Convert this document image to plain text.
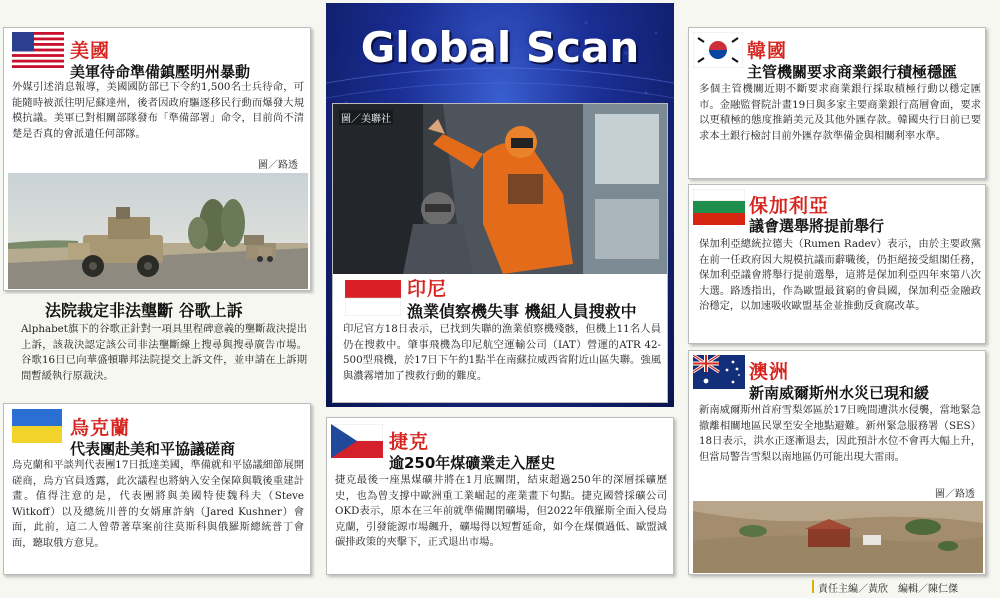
美國
美軍待命準備鎮壓明州暴動
外媒引述消息報導，美國國防部已下令約1,500名士兵待命，可能隨時被派往明尼蘇達州，後者因政府驅逐移民行動而爆發大規模抗議。美軍已對相關部隊發布「準備部署」命令，目前尚不清楚是否真的會派遣任何部隊。
圖／路透
法院裁定非法壟斷 谷歌上訴
Alphabet旗下的谷歌正針對一項具里程碑意義的壟斷裁決提出上訴，該裁決認定該公司非法壟斷線上搜尋與搜尋廣告市場。谷歌16日已向華盛頓聯邦法院提交上訴文件，並申請在上訴期間暫緩執行原裁決。
烏克蘭
代表團赴美和平協議磋商
烏克蘭和平談判代表團17日抵達美國，準備就和平協議細節展開磋商，烏方官員透露，此次議程也將納入安全保障與戰後重建計畫。值得注意的是，代表團將與美國特使魏科夫（Steve Witkoff）以及總統川普的女婿庫許納（Jared Kushner）會面，此前，這二人曾帶著草案前往莫斯科與俄羅斯總統普丁會面，聽取俄方意見。
Global Scan
圖／美聯社
印尼
漁業偵察機失事 機組人員搜救中
印尼官方18日表示，已找到失聯的漁業偵察機殘骸，但機上11名人員仍在搜救中。肇事飛機為印尼航空運輸公司（IAT）營運的ATR 42-500型飛機，於17日下午約1點半在南蘇拉威西省附近山區失聯。強風與濃霧增加了搜救行動的難度。
捷克
逾250年煤礦業走入歷史
捷克最後一座黑煤礦井將在1月底關閉，結束超過250年的深層採礦歷史，也為曾支撐中歐洲重工業崛起的產業畫下句點。捷克國營採礦公司OKD表示，原本在三年前就準備關閉礦場，但2022年俄羅斯全面入侵烏克蘭，引發能源市場飆升，礦場得以短暫延命，如今在煤價過低、歐盟減碳排政策的夾擊下，正式退出市場。
韓國
主管機關要求商業銀行積極穩匯
多個主管機關近期不斷要求商業銀行採取積極行動以穩定匯市。金融監督院計畫19日與多家主要商業銀行高層會面，要求以更積極的態度推銷美元及其他外匯存款。韓國央行日前已要求本土銀行檢討目前外匯存款準備金與相關利率水準。
保加利亞
議會選舉將提前舉行
保加利亞總統拉德夫（Rumen Radev）表示，由於主要政黨在前一任政府因大規模抗議而辭職後，仍拒絕接受組閣任務，保加利亞議會將舉行提前選舉，這將是保加利亞四年來第八次大選。路透指出，作為歐盟最貧窮的會員國，保加利亞金融政治穩定，以加速吸收歐盟基金並推動反貪腐改革。
澳洲
新南威爾斯州水災已現和緩
新南威爾斯州首府雪梨郊區於17日晚間遭洪水侵襲，當地緊急撤離相關地區民眾至安全地點避難。新州緊急服務署（SES）18日表示，洪水正逐漸退去，因此預計水位不會再大幅上升，但當局警告雪梨以南地區仍可能出現大雷雨。
圖／路透
責任主編／黃欣　編輯／陳仁傑
